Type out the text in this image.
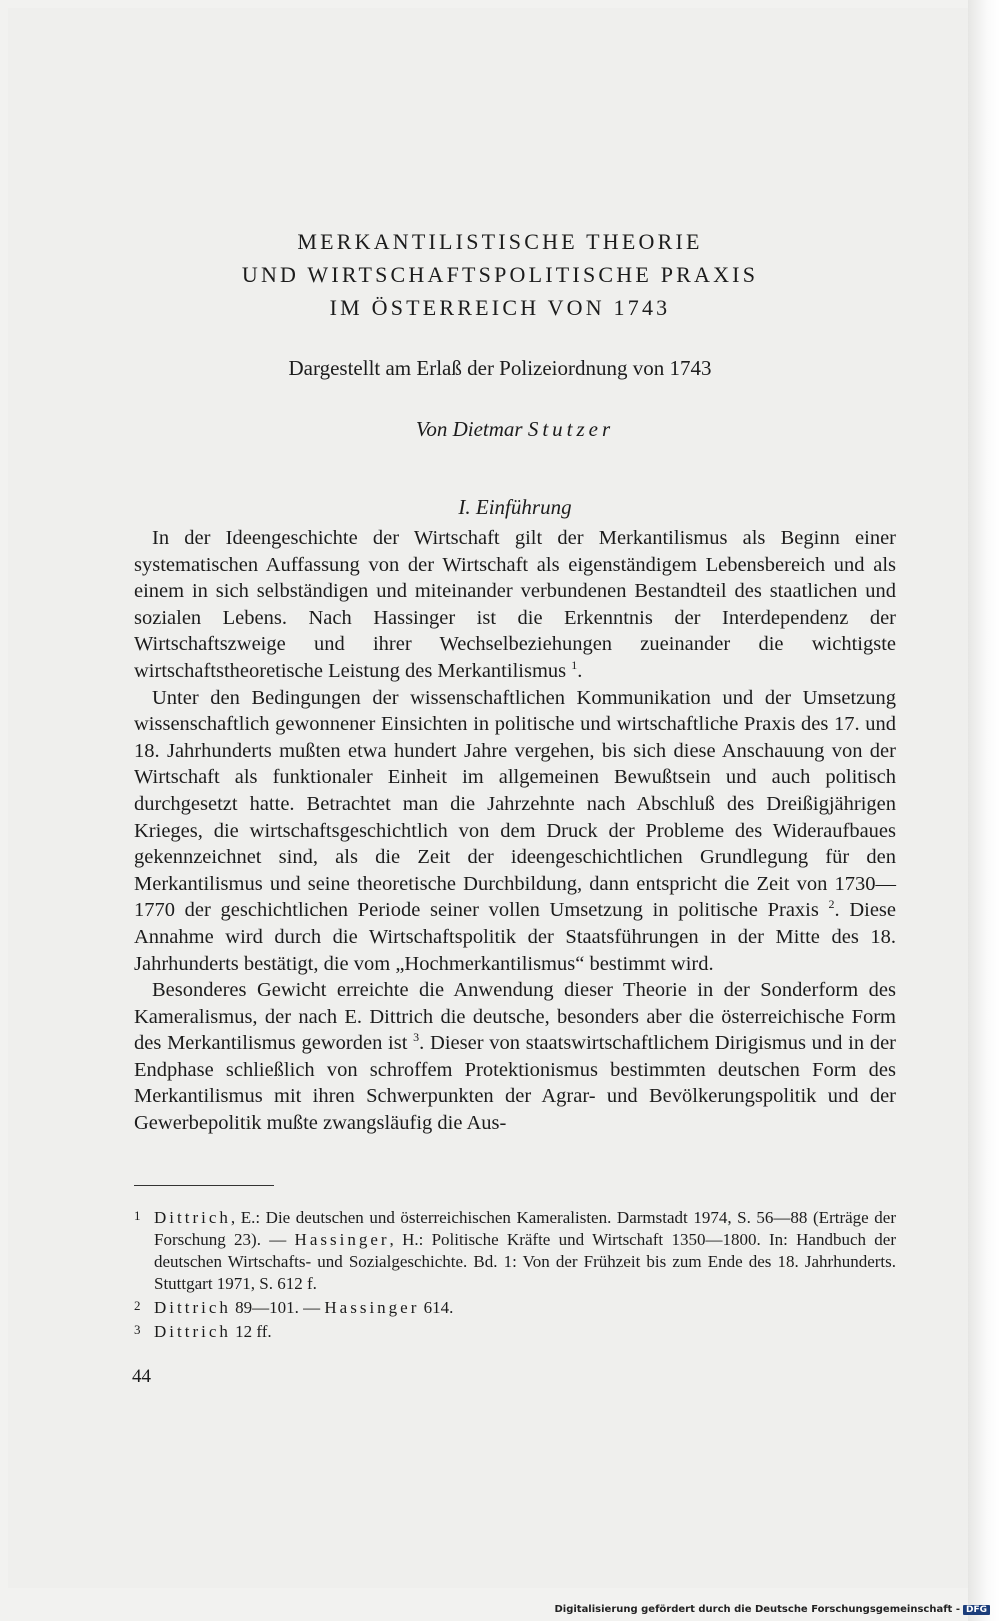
MERKANTILISTISCHE THEORIE
UND WIRTSCHAFTSPOLITISCHE PRAXIS
IM ÖSTERREICH VON 1743
Dargestellt am Erlaß der Polizeiordnung von 1743
Von Dietmar Stutzer
I. Einführung

In der Ideengeschichte der Wirtschaft gilt der Merkantilismus als Beginn einer systematischen Auffassung von der Wirtschaft als eigenständigem Lebensbereich und als einem in sich selbständigen und miteinander verbundenen Bestandteil des staatlichen und sozialen Lebens. Nach Hassinger ist die Erkenntnis der Interdependenz der Wirtschaftszweige und ihrer Wechselbeziehungen zueinander die wichtigste wirtschaftstheoretische Leistung des Merkantilismus $^1$.

Unter den Bedingungen der wissenschaftlichen Kommunikation und der Umsetzung wissenschaftlich gewonnener Einsichten in politische und wirtschaftliche Praxis des 17. und 18. Jahrhunderts mußten etwa hundert Jahre vergehen, bis sich diese Anschauung von der Wirtschaft als funktionaler Einheit im allgemeinen Bewußtsein und auch politisch durchgesetzt hatte. Betrachtet man die Jahrzehnte nach Abschluß des Dreißigjährigen Krieges, die wirtschaftsgeschichtlich von dem Druck der Probleme des Wideraufbaues gekennzeichnet sind, als die Zeit der ideengeschichtlichen Grundlegung für den Merkantilismus und seine theoretische Durchbildung, dann entspricht die Zeit von 1730—1770 der geschichtlichen Periode seiner vollen Umsetzung in politische Praxis $^2$. Diese Annahme wird durch die Wirtschaftspolitik der Staatsführungen in der Mitte des 18. Jahrhunderts bestätigt, die vom „Hochmerkantilismus“ bestimmt wird.

Besonderes Gewicht erreichte die Anwendung dieser Theorie in der Sonderform des Kameralismus, der nach E. Dittrich die deutsche, besonders aber die österreichische Form des Merkantilismus geworden ist $^3$. Dieser von staatswirtschaftlichem Dirigismus und in der Endphase schließlich von schroffem Protektionismus bestimmten deutschen Form des Merkantilismus mit ihren Schwerpunkten der Agrar- und Bevölkerungspolitik und der Gewerbepolitik mußte zwangsläufig die Aus-

1 Dittrich, E.: Die deutschen und österreichischen Kameralisten. Darmstadt 1974, S. 56—88 (Erträge der Forschung 23). — Hassinger, H.: Politische Kräfte und Wirtschaft 1350—1800. In: Handbuch der deutschen Wirtschafts- und Sozialgeschichte. Bd. 1: Von der Frühzeit bis zum Ende des 18. Jahrhunderts. Stuttgart 1971, S. 612 f.

2 Dittrich 89—101. — Hassinger 614.

3 Dittrich 12 ff.

44
Digitalisierung gefördert durch die Deutsche Forschungsgemeinschaft - DFG
